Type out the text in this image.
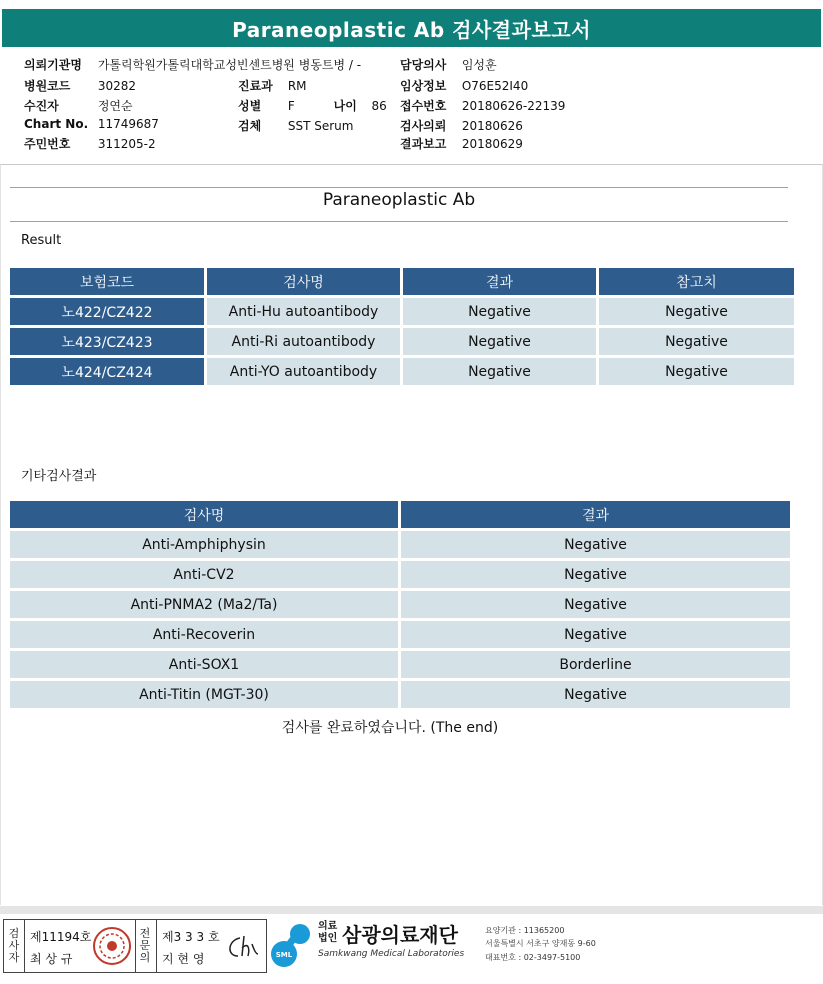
Paraneoplastic Ab 검사결과보고서
의뢰기관명 가톨릭학원가톨릭대학교성빈센트병원 병동트병 / -
병원코드 30282
수진자	정연순
Chart No. 11749687
주민번호 311205-2
진료과 RM
성별 F	나이 86
검체 SST Serum
담당의사 임성훈
임상정보 O76E52I40
접수번호 20180626-22139
검사의뢰 20180626
결과보고 20180629
Paraneoplastic Ab
Result
보험코드	검사명	결과	참고치
노422/CZ422	Anti-Hu autoantibody	Negative	Negative
노423/CZ423	Anti-Ri autoantibody	Negative	Negative
노424/CZ424	Anti-YO autoantibody	Negative	Negative
기타검사결과
검사명	결과
Anti-Amphiphysin	Negative
Anti-CV2	Negative
Anti-PNMA2 (Ma2/Ta)	Negative
Anti-Recoverin	Negative
Anti-SOX1	Borderline
Anti-Titin (MGT-30)	Negative
검사를 완료하였습니다. (The end)
검사자
제11194호
최 상 규
전문의
제3 3 3 호
지 현 영	SML
의료법인 삼광의료재단
Samkwang Medical Laboratories
요양기관 : 11365200
서울특별시 서초구 양재동 9-60
대표번호 : 02-3497-5100
